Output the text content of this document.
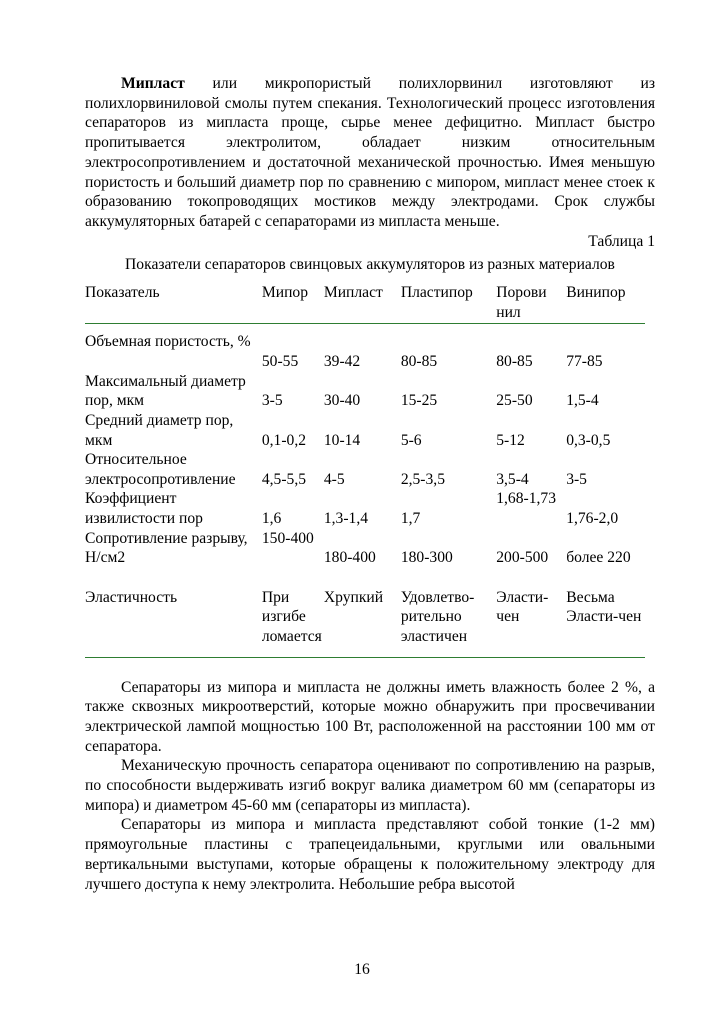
Мипласт или микропористый полихлорвинил изготовляют из полихлорвиниловой смолы путем спекания. Технологический процесс изготовления сепараторов из мипласта проще, сырье менее дефицитно. Мипласт быстро пропитывается электролитом, обладает низким относительным электросопротивлением и достаточной механической прочностью. Имея меньшую пористость и больший диаметр пор по сравнению с мипором, мипласт менее стоек к образованию токопроводящих мостиков между электродами. Срок службы аккумуляторных батарей с сепараторами из мипласта меньше.

Таблица 1
Показатели сепараторов свинцовых аккумуляторов из разных материалов
Показатель	Мипор	Мипласт	Пластипор	Порови нил	Винипор
Объемная пористость, %	50-55	39-42	80-85	80-85	77-85
Максимальный диаметр пор, мкм	3-5	30-40	15-25	25-50	1,5-4
Средний диаметр пор, мкм	0,1-0,2	10-14	5-6	5-12	0,3-0,5
Относительное электросопротивление	4,5-5,5	4-5	2,5-3,5	3,5-4	3-5
Коэффициент извилистости пор	1,6	1,3-1,4	1,7	1,68-1,73	1,76-2,0
Сопротивление разрыву, Н/см2	150-400	180-400	180-300	200-500	более 220
Эластичность	При изгибе ломается	Хрупкий	Удовлетво-рительно эластичен	Эласти-чен	Весьма Эласти-чен

Сепараторы из мипора и мипласта не должны иметь влажность более 2 %, а также сквозных микроотверстий, которые можно обнаружить при просвечивании электрической лампой мощностью 100 Вт, расположенной на расстоянии 100 мм от сепаратора.

Механическую прочность сепаратора оценивают по сопротивлению на разрыв, по способности выдерживать изгиб вокруг валика диаметром 60 мм (сепараторы из мипора) и диаметром 45-60 мм (сепараторы из мипласта).

Сепараторы из мипора и мипласта представляют собой тонкие (1-2 мм) прямоугольные пластины с трапецеидальными, круглыми или овальными вертикальными выступами, которые обращены к положительному электроду для лучшего доступа к нему электролита. Небольшие ребра высотой

16
